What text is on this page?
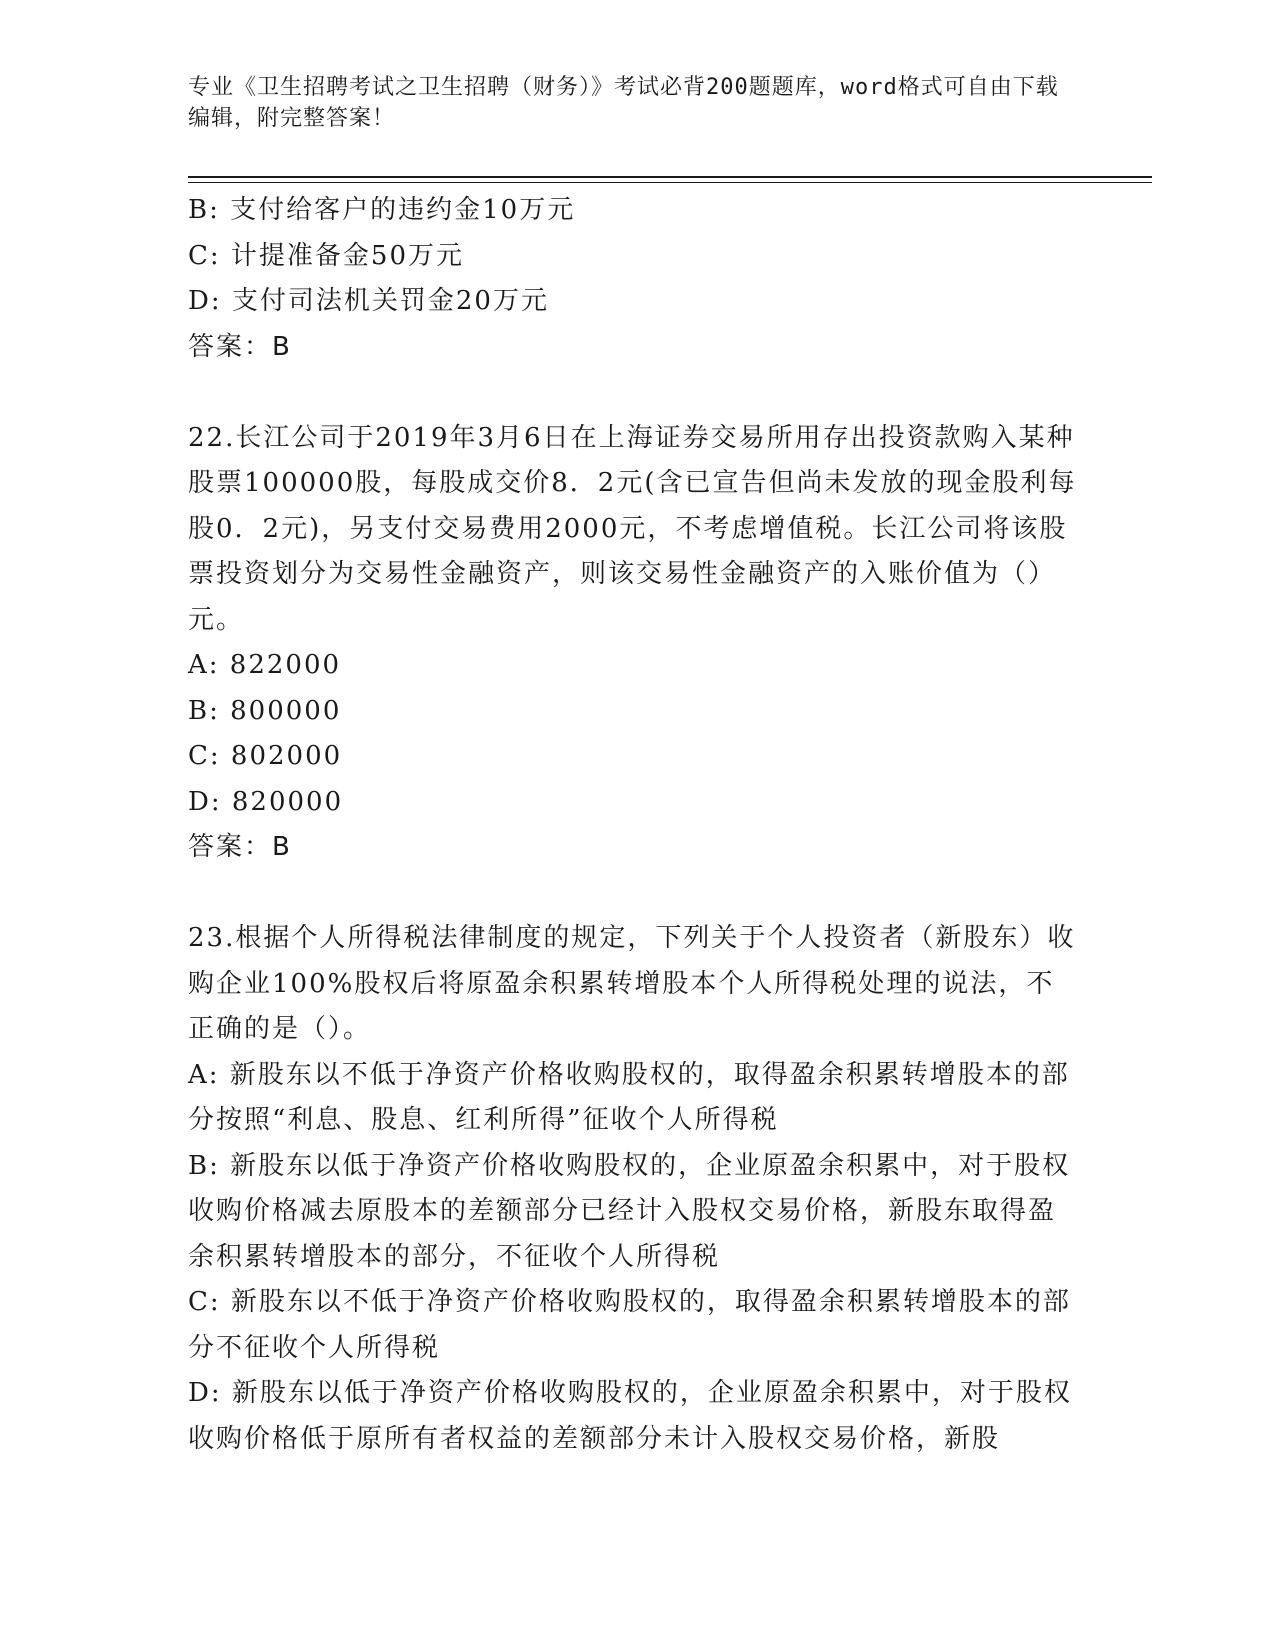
专业《卫生招聘考试之卫生招聘（财务）》考试必背200题题库，word格式可自由下载编辑，附完整答案！

B: 支付给客户的违约金10万元

C: 计提准备金50万元

D: 支付司法机关罚金20万元

答案：B

22.长江公司于2019年3月6日在上海证券交易所用存出投资款购入某种股票100000股，每股成交价8．2元(含已宣告但尚未发放的现金股利每股0．2元)，另支付交易费用2000元，不考虑增值税。长江公司将该股票投资划分为交易性金融资产，则该交易性金融资产的入账价值为（）元。

A: 822000

B: 800000

C: 802000

D: 820000

答案：B

23.根据个人所得税法律制度的规定，下列关于个人投资者（新股东）收购企业100%股权后将原盈余积累转增股本个人所得税处理的说法，不正确的是（）。

A: 新股东以不低于净资产价格收购股权的，取得盈余积累转增股本的部分按照“利息、股息、红利所得”征收个人所得税

B: 新股东以低于净资产价格收购股权的，企业原盈余积累中，对于股权收购价格减去原股本的差额部分已经计入股权交易价格，新股东取得盈余积累转增股本的部分，不征收个人所得税

C: 新股东以不低于净资产价格收购股权的，取得盈余积累转增股本的部分不征收个人所得税

D: 新股东以低于净资产价格收购股权的，企业原盈余积累中，对于股权收购价格低于原所有者权益的差额部分未计入股权交易价格，新股
